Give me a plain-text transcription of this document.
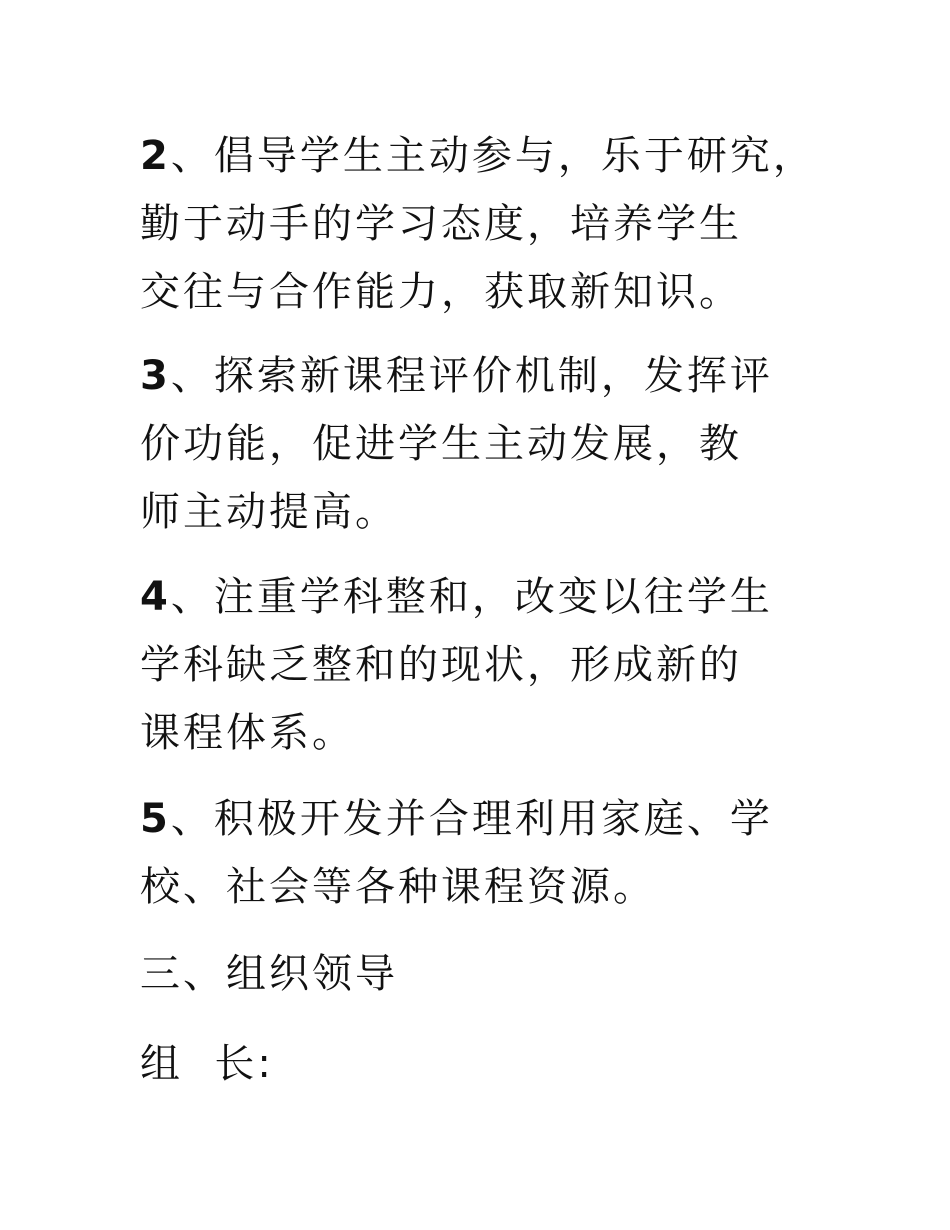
2、倡导学生主动参与，乐于研究，
勤于动手的学习态度，培养学生
交往与合作能力，获取新知识。
3、探索新课程评价机制，发挥评
价功能，促进学生主动发展，教
师主动提高。
4、注重学科整和，改变以往学生
学科缺乏整和的现状，形成新的
课程体系。
5、积极开发并合理利用家庭、学
校、社会等各种课程资源。
三、组织领导
组  长:
